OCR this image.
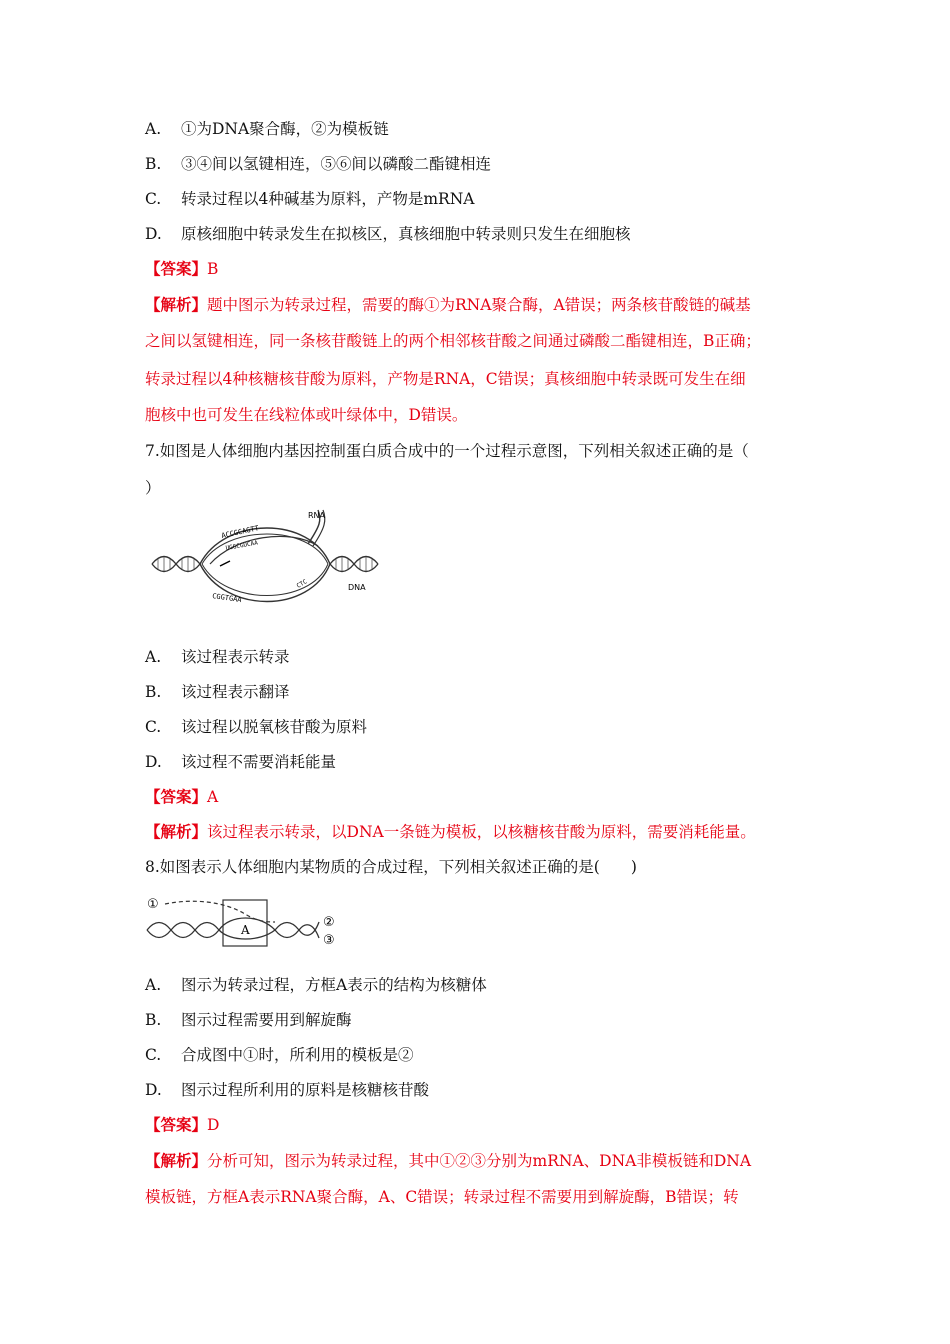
A. ①为DNA聚合酶，②为模板链
B. ③④间以氢键相连，⑤⑥间以磷酸二酯键相连
C. 转录过程以4种碱基为原料，产物是mRNA
D. 原核细胞中转录发生在拟核区，真核细胞中转录则只发生在细胞核
【答案】B
【解析】题中图示为转录过程，需要的酶①为RNA聚合酶，A错误；两条核苷酸链的碱基
之间以氢键相连，同一条核苷酸链上的两个相邻核苷酸之间通过磷酸二酯键相连，B正确；
转录过程以4种核糖核苷酸为原料，产物是RNA，C错误；真核细胞中转录既可发生在细
胞核中也可发生在线粒体或叶绿体中，D错误。
7.如图是人体细胞内基因控制蛋白质合成中的一个过程示意图，下列相关叙述正确的是（
）
RNA
DNA
ACCGCAGTT
UGGCGUCAA
CGGTGAA
CTC
A. 该过程表示转录
B. 该过程表示翻译
C. 该过程以脱氧核苷酸为原料
D. 该过程不需要消耗能量
【答案】A
【解析】该过程表示转录，以DNA一条链为模板，以核糖核苷酸为原料，需要消耗能量。
8.如图表示人体细胞内某物质的合成过程，下列相关叙述正确的是(　　)
①
A	②
③
A. 图示为转录过程，方框A表示的结构为核糖体
B. 图示过程需要用到解旋酶
C. 合成图中①时，所利用的模板是②
D. 图示过程所利用的原料是核糖核苷酸
【答案】D
【解析】分析可知，图示为转录过程，其中①②③分别为mRNA、DNA非模板链和DNA
模板链，方框A表示RNA聚合酶，A、C错误；转录过程不需要用到解旋酶，B错误；转
